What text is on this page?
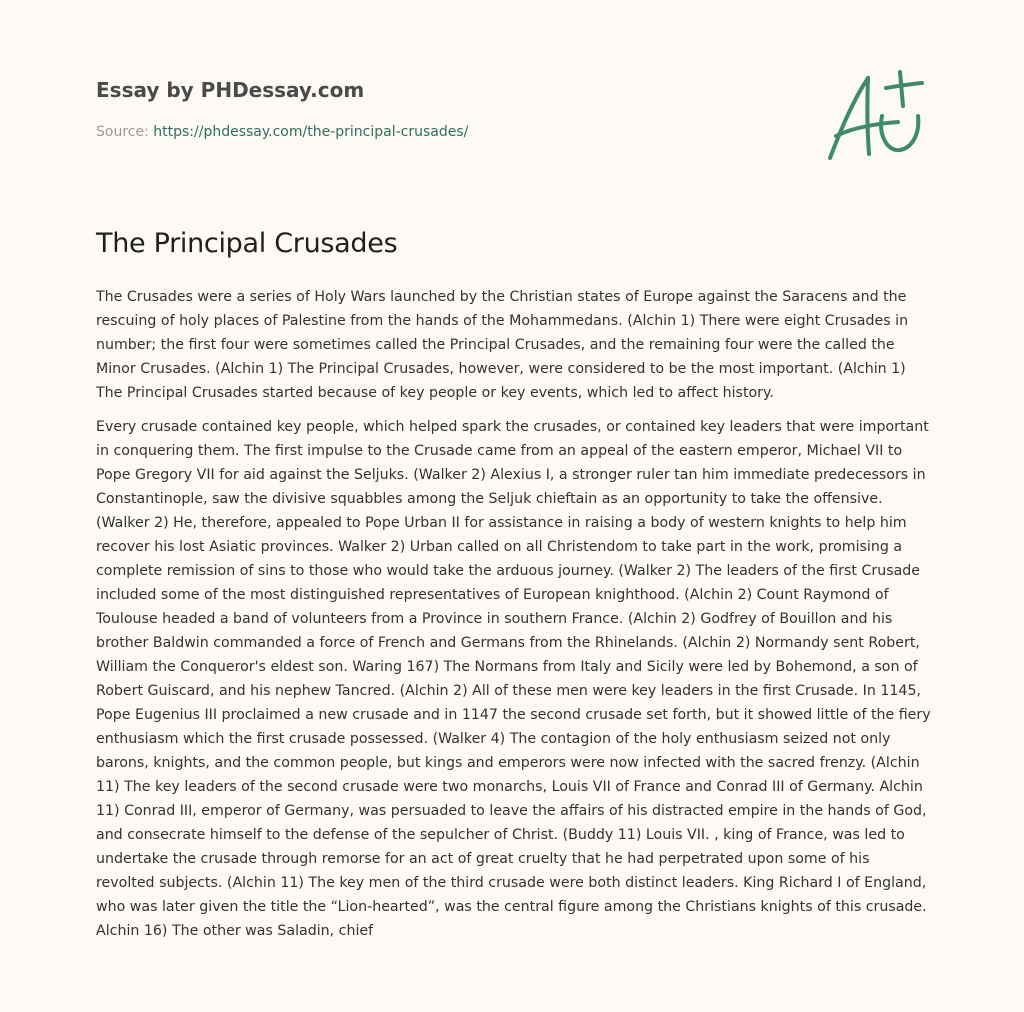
Essay by PHDessay.com
Source: https://phdessay.com/the-principal-crusades/
The Principal Crusades

The Crusades were a series of Holy Wars launched by the Christian states of Europe against the Saracens and the rescuing of holy places of Palestine from the hands of the Mohammedans. (Alchin 1) There were eight Crusades in number; the first four were sometimes called the Principal Crusades, and the remaining four were the called the Minor Crusades. (Alchin 1) The Principal Crusades, however, were considered to be the most important. (Alchin 1) The Principal Crusades started because of key people or key events, which led to affect history.

Every crusade contained key people, which helped spark the crusades, or contained key leaders that were important in conquering them. The first impulse to the Crusade came from an appeal of the eastern emperor, Michael VII to Pope Gregory VII for aid against the Seljuks. (Walker 2) Alexius I, a stronger ruler tan him immediate predecessors in Constantinople, saw the divisive squabbles among the Seljuk chieftain as an opportunity to take the offensive. (Walker 2) He, therefore, appealed to Pope Urban II for assistance in raising a body of western knights to help him recover his lost Asiatic provinces. Walker 2) Urban called on all Christendom to take part in the work, promising a complete remission of sins to those who would take the arduous journey. (Walker 2) The leaders of the first Crusade included some of the most distinguished representatives of European knighthood. (Alchin 2) Count Raymond of Toulouse headed a band of volunteers from a Province in southern France. (Alchin 2) Godfrey of Bouillon and his brother Baldwin commanded a force of French and Germans from the Rhinelands. (Alchin 2) Normandy sent Robert, William the Conqueror's eldest son. Waring 167) The Normans from Italy and Sicily were led by Bohemond, a son of Robert Guiscard, and his nephew Tancred. (Alchin 2) All of these men were key leaders in the first Crusade. In 1145, Pope Eugenius III proclaimed a new crusade and in 1147 the second crusade set forth, but it showed little of the fiery enthusiasm which the first crusade possessed. (Walker 4) The contagion of the holy enthusiasm seized not only barons, knights, and the common people, but kings and emperors were now infected with the sacred frenzy. (Alchin 11) The key leaders of the second crusade were two monarchs, Louis VII of France and Conrad III of Germany. Alchin 11) Conrad III, emperor of Germany, was persuaded to leave the affairs of his distracted empire in the hands of God, and consecrate himself to the defense of the sepulcher of Christ. (Buddy 11) Louis VII. , king of France, was led to undertake the crusade through remorse for an act of great cruelty that he had perpetrated upon some of his revolted subjects. (Alchin 11) The key men of the third crusade were both distinct leaders. King Richard I of England, who was later given the title the “Lion-hearted”, was the central figure among the Christians knights of this crusade. Alchin 16) The other was Saladin, chief
